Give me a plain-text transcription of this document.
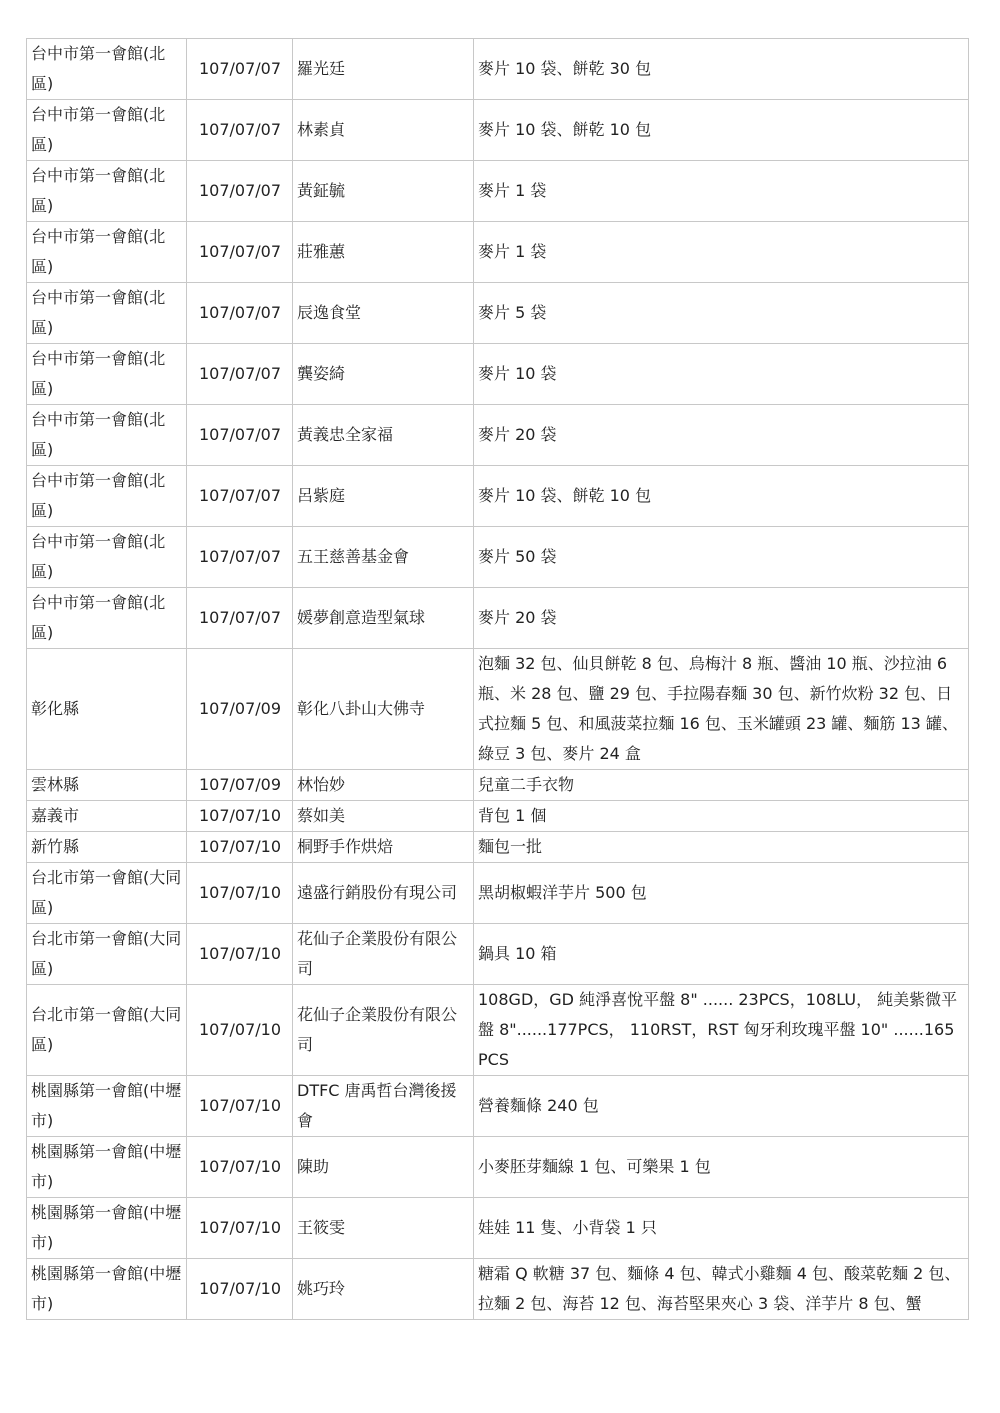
台中市第一會館(北區)	107/07/07	羅光廷	麥片 10 袋、餅乾 30 包
台中市第一會館(北區)	107/07/07	林素貞	麥片 10 袋、餅乾 10 包
台中市第一會館(北區)	107/07/07	黃鉦毓	麥片 1 袋
台中市第一會館(北區)	107/07/07	莊雅蕙	麥片 1 袋
台中市第一會館(北區)	107/07/07	辰逸食堂	麥片 5 袋
台中市第一會館(北區)	107/07/07	龔姿綺	麥片 10 袋
台中市第一會館(北區)	107/07/07	黃義忠全家福	麥片 20 袋
台中市第一會館(北區)	107/07/07	呂紫庭	麥片 10 袋、餅乾 10 包
台中市第一會館(北區)	107/07/07	五王慈善基金會	麥片 50 袋
台中市第一會館(北區)	107/07/07	媛夢創意造型氣球	麥片 20 袋
彰化縣	107/07/09	彰化八卦山大佛寺	泡麵 32 包、仙貝餅乾 8 包、烏梅汁 8 瓶、醬油 10 瓶、沙拉油 6 瓶、米 28 包、鹽 29 包、手拉陽春麵 30 包、新竹炊粉 32 包、日式拉麵 5 包、和風菠菜拉麵 16 包、玉米罐頭 23 罐、麵筋 13 罐、綠豆 3 包、麥片 24 盒
雲林縣	107/07/09	林怡妙	兒童二手衣物
嘉義市	107/07/10	蔡如美	背包 1 個
新竹縣	107/07/10	桐野手作烘焙	麵包一批
台北市第一會館(大同區)	107/07/10	遠盛行銷股份有現公司	黑胡椒蝦洋芋片 500 包
台北市第一會館(大同區)	107/07/10	花仙子企業股份有限公司	鍋具 10 箱
台北市第一會館(大同區)	107/07/10	花仙子企業股份有限公司	108GD，GD 純淨喜悅平盤 8" ...... 23PCS，108LU， 純美紫微平盤 8"......177PCS， 110RST，RST 匈牙利玫瑰平盤 10" ......165PCS
桃園縣第一會館(中壢市)	107/07/10	DTFC 唐禹哲台灣後援會	營養麵條 240 包
桃園縣第一會館(中壢市)	107/07/10	陳助	小麥胚芽麵線 1 包、可樂果 1 包
桃園縣第一會館(中壢市)	107/07/10	王筱雯	娃娃 11 隻、小背袋 1 只
桃園縣第一會館(中壢市)	107/07/10	姚巧玲	糖霜 Q 軟糖 37 包、麵條 4 包、韓式小雞麵 4 包、酸菜乾麵 2 包、拉麵 2 包、海苔 12 包、海苔堅果夾心 3 袋、洋芋片 8 包、蟹
